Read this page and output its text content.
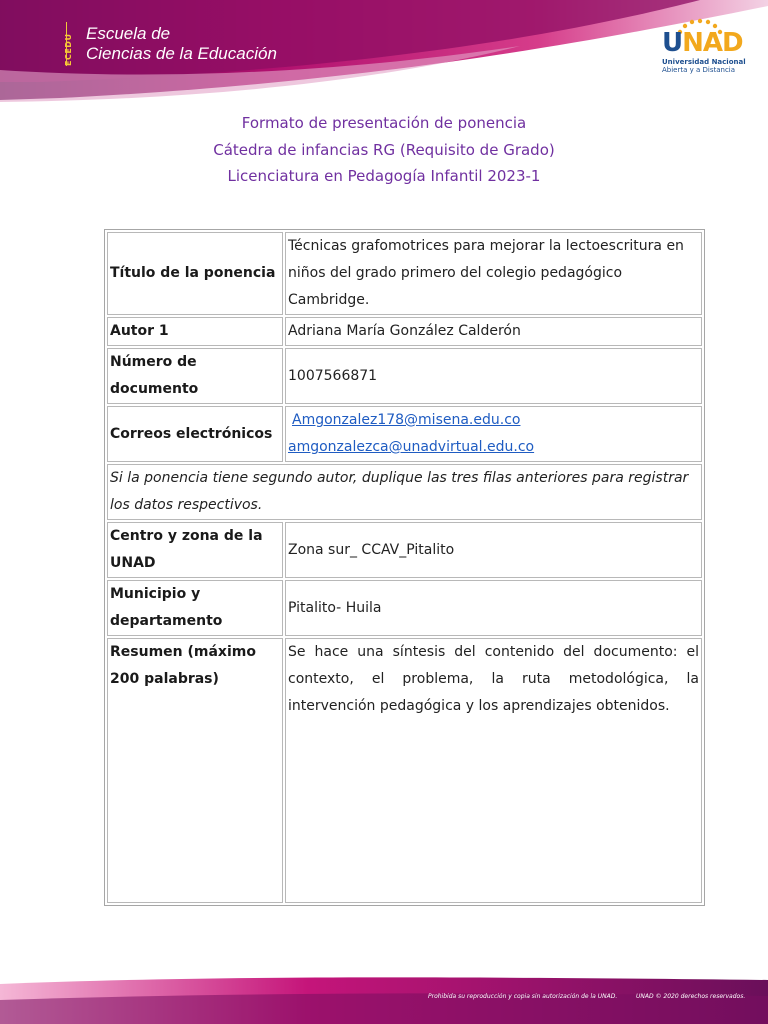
ECEDU
Escuela de
Ciencias de la Educación	UNAD
Universidad Nacional
Abierta y a Distancia
Formato de presentación de ponencia
Cátedra de infancias RG (Requisito de Grado)
Licenciatura en Pedagogía Infantil 2023-1
Título de la ponencia	Técnicas grafomotrices para mejorar la lectoescritura en niños del grado primero del colegio pedagógico Cambridge.
Autor 1	Adriana María González Calderón
Número de documento	1007566871
Correos electrónicos	Amgonzalez178@misena.edu.co
amgonzalezca@unadvirtual.edu.co

Si la ponencia tiene segundo autor, duplique las tres filas anteriores para registrar los datos respectivos.	
Centro y zona de la UNAD	Zona sur_ CCAV_Pitalito
Municipio y departamento	Pitalito- Huila
Resumen (máximo 200 palabras)	Se hace una síntesis del contenido del documento: el contexto, el problema, la ruta metodológica, la intervención pedagógica y los aprendizajes obtenidos.
Prohibida su reproducción y copia sin autorización de la UNAD.	UNAD © 2020 derechos reservados.
